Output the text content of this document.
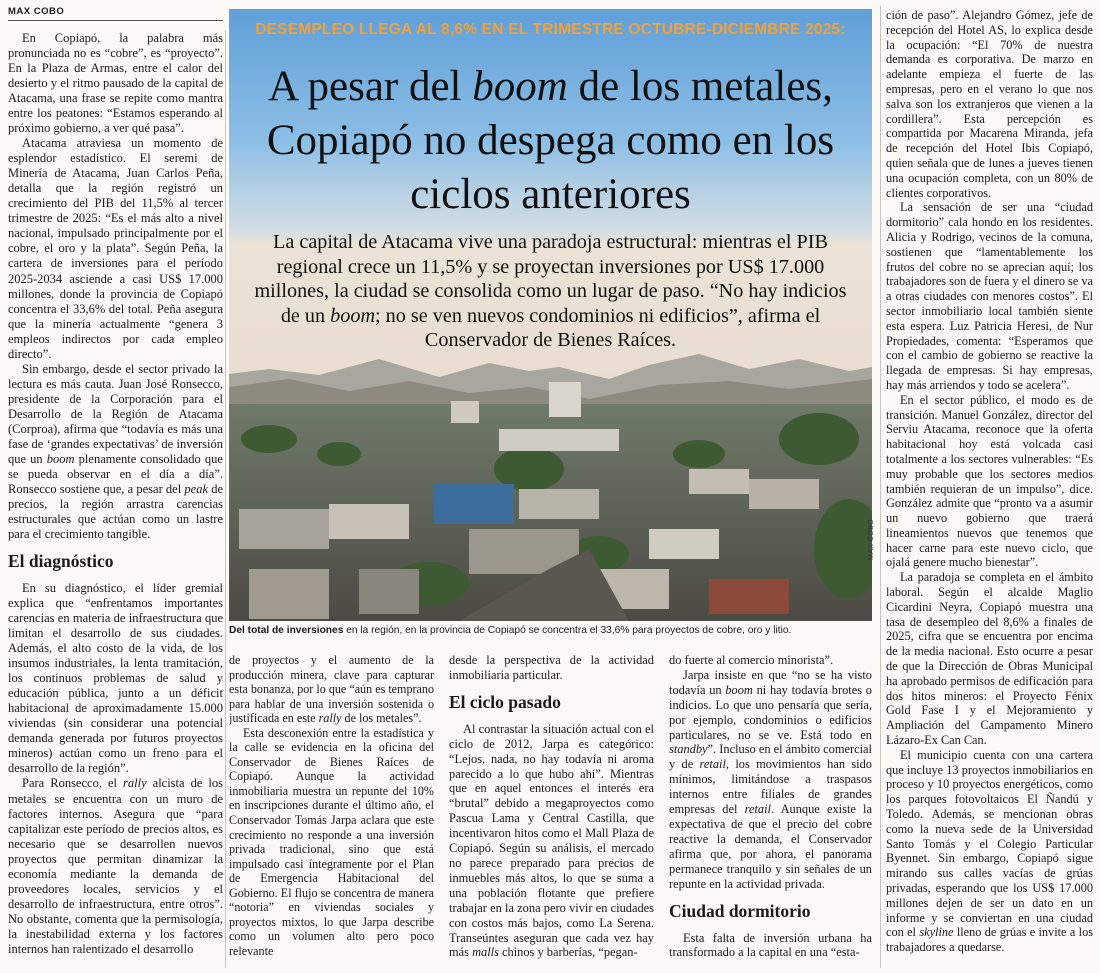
MAX COBO

En Copiapó, la palabra más pronunciada no es “cobre”, es “proyecto”. En la Plaza de Armas, entre el calor del desierto y el ritmo pausado de la capital de Atacama, una frase se repite como mantra entre los peatones: “Estamos esperando al próximo gobierno, a ver qué pasa”.

Atacama atraviesa un momento de esplendor estadístico. El seremi de Minería de Atacama, Juan Carlos Peña, detalla que la región registró un crecimiento del PIB del 11,5% al tercer trimestre de 2025: “Es el más alto a nivel nacional, impulsado principalmente por el cobre, el oro y la plata”. Según Peña, la cartera de inversiones para el período 2025-2034 asciende a casi US$ 17.000 millones, donde la provincia de Copiapó concentra el 33,6% del total. Peña asegura que la minería actualmente “genera 3 empleos indirectos por cada empleo directo”.

Sin embargo, desde el sector privado la lectura es más cauta. Juan José Ronsecco, presidente de la Corporación para el Desarrollo de la Región de Atacama (Corproa), afirma que “todavía es más una fase de ‘grandes expectativas’ de inversión que un boom plenamente consolidado que se pueda observar en el día a día”. Ronsecco sostiene que, a pesar del peak de precios, la región arrastra carencias estructurales que actúan como un lastre para el crecimiento tangible.

El diagnóstico

En su diagnóstico, el líder gremial explica que “enfrentamos importantes carencias en materia de infraestructura que limitan el desarrollo de sus ciudades. Además, el alto costo de la vida, de los insumos industriales, la lenta tramitación, los continuos problemas de salud y educación pública, junto a un déficit habitacional de aproximadamente 15.000 viviendas (sin considerar una potencial demanda generada por futuros proyectos mineros) actúan como un freno para el desarrollo de la región”.

Para Ronsecco, el rally alcista de los metales se encuentra con un muro de factores internos. Asegura que “para capitalizar este período de precios altos, es necesario que se desarrollen nuevos proyectos que permitan dinamizar la economía mediante la demanda de proveedores locales, servicios y el desarrollo de infraestructura, entre otros”. No obstante, comenta que la permisología, la inestabilidad externa y los factores internos han ralentizado el desarrollo

DESEMPLEO LLEGA AL 8,6% EN EL TRIMESTRE OCTUBRE-DICIEMBRE 2025:
A pesar del boom de los metales, Copiapó no despega como en los ciclos anteriores
La capital de Atacama vive una paradoja estructural: mientras el PIB regional crece un 11,5% y se proyectan inversiones por US$ 17.000 millones, la ciudad se consolida como un lugar de paso. “No hay indicios de un boom; no se ven nuevos condominios ni edificios”, afirma el Conservador de Bienes Raíces.
MAX COBO
Del total de inversiones en la región, en la provincia de Copiapó se concentra el 33,6% para proyectos de cobre, oro y litio.

de proyectos y el aumento de la producción minera, clave para capturar esta bonanza, por lo que “aún es temprano para hablar de una inversión sostenida o justificada en este rally de los metales”.

Esta desconexión entre la estadística y la calle se evidencia en la oficina del Conservador de Bienes Raíces de Copiapó. Aunque la actividad inmobiliaria muestra un repunte del 10% en inscripciones durante el último año, el Conservador Tomás Jarpa aclara que este crecimiento no responde a una inversión privada tradicional, sino que está impulsado casi íntegramente por el Plan de Emergencia Habitacional del Gobierno. El flujo se concentra de manera “notoria” en viviendas sociales y proyectos mixtos, lo que Jarpa describe como un volumen alto pero poco relevante

desde la perspectiva de la actividad inmobiliaria particular.

El ciclo pasado

Al contrastar la situación actual con el ciclo de 2012, Jarpa es categórico: “Lejos, nada, no hay todavía ni aroma parecido a lo que hubo ahí”. Mientras que en aquel entonces el interés era “brutal” debido a megaproyectos como Pascua Lama y Central Castilla, que incentivaron hitos como el Mall Plaza de Copiapó. Según su análisis, el mercado no parece preparado para precios de inmuebles más altos, lo que se suma a una población flotante que prefiere trabajar en la zona pero vivir en ciudades con costos más bajos, como La Serena. Transeúntes aseguran que cada vez hay más malls chinos y barberías, “pegan-

do fuerte al comercio minorista”.

Jarpa insiste en que “no se ha visto todavía un boom ni hay todavía brotes o indicios. Lo que uno pensaría que sería, por ejemplo, condominios o edificios particulares, no se ve. Está todo en standby”. Incluso en el ámbito comercial y de retail, los movimientos han sido mínimos, limitándose a traspasos internos entre filiales de grandes empresas del retail. Aunque existe la expectativa de que el precio del cobre reactive la demanda, el Conservador afirma que, por ahora, el panorama permanece tranquilo y sin señales de un repunte en la actividad privada.

Ciudad dormitorio

Esta falta de inversión urbana ha transformado a la capital en una “esta-

ción de paso”. Alejandro Gómez, jefe de recepción del Hotel AS, lo explica desde la ocupación: “El 70% de nuestra demanda es corporativa. De marzo en adelante empieza el fuerte de las empresas, pero en el verano lo que nos salva son los extranjeros que vienen a la cordillera”. Esta percepción es compartida por Macarena Miranda, jefa de recepción del Hotel Ibis Copiapó, quien señala que de lunes a jueves tienen una ocupación completa, con un 80% de clientes corporativos.

La sensación de ser una “ciudad dormitorio” cala hondo en los residentes. Alicia y Rodrigo, vecinos de la comuna, sostienen que “lamentablemente los frutos del cobre no se aprecian aquí; los trabajadores son de fuera y el dinero se va a otras ciudades con menores costos”. El sector inmobiliario local también siente esta espera. Luz Patricia Heresi, de Nur Propiedades, comenta: “Esperamos que con el cambio de gobierno se reactive la llegada de empresas. Si hay empresas, hay más arriendos y todo se acelera”.

En el sector público, el modo es de transición. Manuel González, director del Serviu Atacama, reconoce que la oferta habitacional hoy está volcada casi totalmente a los sectores vulnerables: “Es muy probable que los sectores medios también requieran de un impulso”, dice. González admite que “pronto va a asumir un nuevo gobierno que traerá lineamientos nuevos que tenemos que hacer carne para este nuevo ciclo, que ojalá genere mucho bienestar”.

La paradoja se completa en el ámbito laboral. Según el alcalde Maglio Cicardini Neyra, Copiapó muestra una tasa de desempleo del 8,6% a finales de 2025, cifra que se encuentra por encima de la media nacional. Esto ocurre a pesar de que la Dirección de Obras Municipal ha aprobado permisos de edificación para dos hitos mineros: el Proyecto Fénix Gold Fase I y el Mejoramiento y Ampliación del Campamento Minero Lázaro-Ex Can Can.

El municipio cuenta con una cartera que incluye 13 proyectos inmobiliarios en proceso y 10 proyectos energéticos, como los parques fotovoltaicos El Ñandú y Toledo. Además, se mencionan obras como la nueva sede de la Universidad Santo Tomás y el Colegio Particular Byennet. Sin embargo, Copiapó sigue mirando sus calles vacías de grúas privadas, esperando que los US$ 17.000 millones dejen de ser un dato en un informe y se conviertan en una ciudad con el skyline lleno de grúas e invite a los trabajadores a quedarse.
